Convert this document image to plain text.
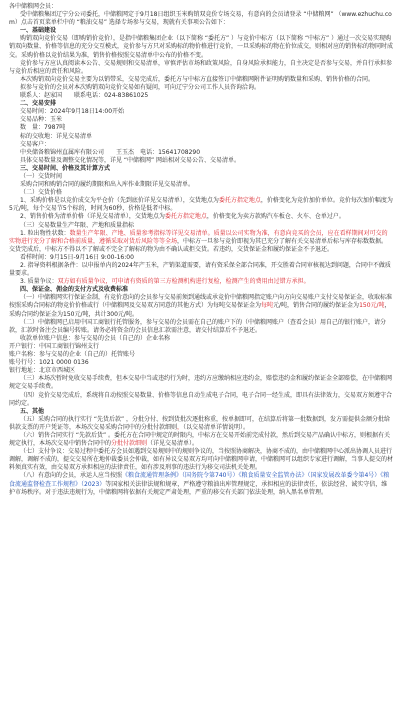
各中储粮网会员：

受中储粮集团辽宁分公司委托，中储粮网定于9月18日组织玉米购销双竞价专场交易，有意向的会员请登录 “中储粮网” （www.ezhuchu.com）点击首页菜单栏中的 “粮油交易” 选择专场参与交易，现就有关事项公告如下：

一、基础建设

购销双向竞价交易（即购销价竞价），是指中储粮集团企业（以下简称 “委托方” ）与竞价中标方（以下简称 “中标方” ）通过一次交易实现购销双向数量、价格等信息的充分交互模式，竞价参与方只对采购标的物价格进行竞价，一旦采购标的物在价位成交，则相对应的销售标的物同时成交。采购价格以竞价结果为准，销售价格按照交易清单中公布的价格不变。

竞价参与方应认真阅读本公告、交易规则和交易清单，审慎评估市场和政策风险，自身风险承担能力，自主决定是否参与交易，并自行承担参与竞价后相应的责任和风险。

本次购销双向竞价交易主要为以销带采，交易完成后，委托方与中标方直接签订中储粮网附件证明购销数量和采购、销售价格的合同。

拟参与竞价的会员对本次购销双向竞价交易如有疑问，可向辽宁分公司工作人员咨询洽询。

联系人：赵家国　　 联系电话：024-83861025

二、交易安排

交易时间：2024年9月18日14:00开始

交易品种：玉米

数　量：7987吨

标的交收地：详见交易清单

交易客户：

中央储备粮锦州直属库有限公司　　 王玉杰　 电话：15641708290

具体交易数量及调整交化情况等，详见 “中储粮网” 网站相对交易公告、交易清单。

三、交易时间、价格及其计算方式

（一）交货时间

采购合同和购销合同的履约期限和出入库作业期限详见交易清单。

（二）交货价格

1、采购价格是以竞价成交为平仓价（先到底价详见交易清单），交货地点为委托方指定地点，价格变化为竞价加价单位。竞价每次加价幅度为5元/吨，每个交易节5个标的，时间为60秒，价格是低者中标。

2、销售价格为清单价格（详见交易清单），交货地点为委托方指定地点，价格变化为卖方款购汽车板仓、火车、仓单过户。

（三）交易数量生产年限、产地和质量指标

1. 粒出物性状数：数量生产年限、产地、质量参考指标等详见交易清单。质量以公司实物为准，有意向竞买的会员，应在看样期间对可交的实物进行充分了解和合格前质量，遵循采取对货后风险等等全场，中标方一旦参与竞价即视为其已充分了解有关交易清单后标与库存标数数据。交货完成后，中标方不得以不了解或不完全了解标的物为由不确认或拒交货。若违约，交货保证金和履约保证金不予退还。

看样时间：9月15日-9月16日 9:00-16:00

2. 指导资料根据条件：以申报单内的2024年产玉米，产销渠道需要，请有资采保全部合同准，开交胜着合同审核视达到问题，合同中不做质量要求。

3. 质量争议：双方如有质量争议，可申请有资质的第三方检测机构进行复检，检测产生的费用由过错方承担。

四、保证金、佣金的支付方式及收费标准

（一）中储粮网实行保证金制，有竞价意向的会员参与交易前须到通线或承竞价中储粮网指定账户向方向交易账户支付交易保证金，收取标准按照采购合同标的物竞价价格或行（中储粮网及交易双方同意的其他方式）为每吨交易保证金为每吨元/吨，销售合同的履约保证金为150元/吨，采购合同约保证金为150元/吨，共计300元/吨。

（二）中储粮网已启用中国工商银行托管服务，参与交易的会员需在自己的账户下的（中储粮网账户（查看会员）用自己的银行账户，请分款，汇款时备注会员编号转账。请务必将资金的会员信息汇款需注意，请交付结算后不予退还。

收款单位账户信息：参与交易的会员（自己的）企业名称

开户银行：中国工商银行锦州支行

账户名称：参与交易的企业（自己的）托管账号

账号行号：1021 0000 0136

银行地址：北京市西城区

（三）本场次暂时免收交易手续费，但本交易中当或违约行为时，违约方应缴纳相应违约金，赔偿违约金和履约保证金全部赔偿，在中储粮网规定交易手续费。

（四）竞价交易完成后，系统将自动按照交易数量、价格等信息自动生成电子合同，电子合同一经生成，即具有法律效力，交易双方须遵守合同约定。

五、其他

（五）采购合同的执行实行 “先货后款” ，分批分付、按到货批次逐批称重，按单据即可，在结算后将第一批数据到，发方需提供金额分批给供款支票的开户凭证等，本场次交易采购合同中的分批付款细则，（以交易清单详情说明）。

（六）销售合同实行 “先款后货” 。委托方在合同中规定的时限内，中标方在交易开始前完成付款，然后到交易产品确认中标方，则根据有关规定执行，本场次交易中销售合同中的分批付款细则（详见交易清单）。

（七）支付争议：交易过程中委托方会员如遇到交易规则中的规则争议的，当按照协商解决，协商不成的，由中储粮网中心派出协调人员进行调解，调解不成的，提交交易所在地仲裁委员会仲裁，如有异议交易双方均可向中储粮网申请，中储粮网可以组织专家进行调解，当事人提交的材料须真实有效，由交易双方承担相应的法律责任，如有涉及刑事的违法行为移交司法机关处理。

（八）有意向的会员，承运人应当按照《粮食流通管理条例》（国务院令第740号）《粮食质量安全监管办法》（国家发展改革委令第4号）《粮食流通监督检查工作规程》（2023）等国家相关法律法规和规章，严格遵守粮油出库管理规定，承担相应的法律责任，依法经营、诚实守信，维护市场秩序。对于违法违规行为，中储粮网将依据有关规定严肃处理，严重的移交有关部门依法处理，纳入黑名单管理。
